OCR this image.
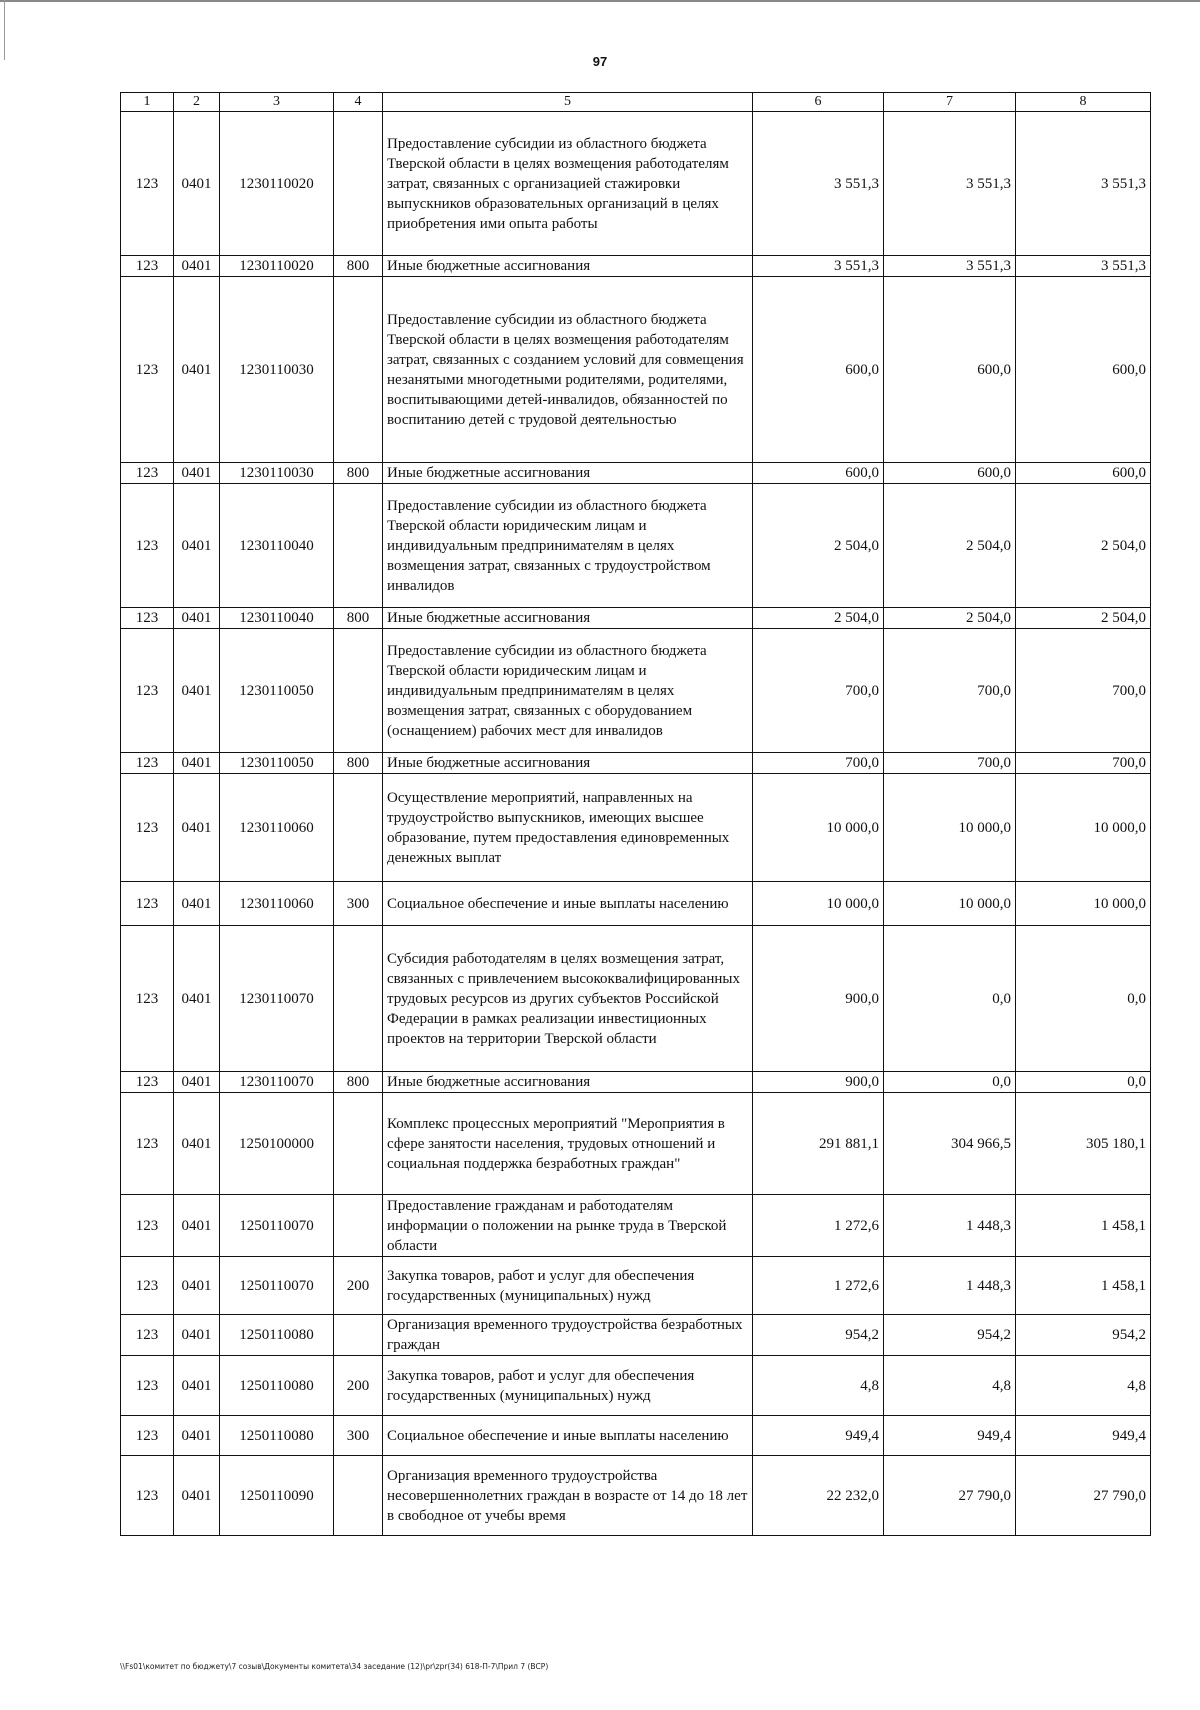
97
1	2	3	4	5	6	7	8
123	0401	1230110020		Предоставление субсидии из областного бюджета Тверской области в целях возмещения работодателям затрат, связанных с организацией стажировки выпускников образовательных организаций в целях приобретения ими опыта работы	3 551,3	3 551,3	3 551,3
123	0401	1230110020	800	Иные бюджетные ассигнования	3 551,3	3 551,3	3 551,3
123	0401	1230110030		Предоставление субсидии из областного бюджета Тверской области в целях возмещения работодателям затрат, связанных с созданием условий для совмещения незанятыми многодетными родителями, родителями, воспитывающими детей-инвалидов, обязанностей по воспитанию детей с трудовой деятельностью	600,0	600,0	600,0
123	0401	1230110030	800	Иные бюджетные ассигнования	600,0	600,0	600,0
123	0401	1230110040		Предоставление субсидии из областного бюджета Тверской области юридическим лицам и индивидуальным предпринимателям в целях возмещения затрат, связанных с трудоустройством инвалидов	2 504,0	2 504,0	2 504,0
123	0401	1230110040	800	Иные бюджетные ассигнования	2 504,0	2 504,0	2 504,0
123	0401	1230110050		Предоставление субсидии из областного бюджета Тверской области юридическим лицам и индивидуальным предпринимателям в целях возмещения затрат, связанных с оборудованием (оснащением) рабочих мест для инвалидов	700,0	700,0	700,0
123	0401	1230110050	800	Иные бюджетные ассигнования	700,0	700,0	700,0
123	0401	1230110060		Осуществление мероприятий, направленных на трудоустройство выпускников, имеющих высшее образование, путем предоставления единовременных денежных выплат	10 000,0	10 000,0	10 000,0
123	0401	1230110060	300	Социальное обеспечение и иные выплаты населению	10 000,0	10 000,0	10 000,0
123	0401	1230110070		Субсидия работодателям в целях возмещения затрат, связанных с привлечением высококвалифицированных трудовых ресурсов из других субъектов Российской Федерации в рамках реализации инвестиционных проектов на территории Тверской области	900,0	0,0	0,0
123	0401	1230110070	800	Иные бюджетные ассигнования	900,0	0,0	0,0
123	0401	1250100000		Комплекс процессных мероприятий "Мероприятия в сфере занятости населения, трудовых отношений и социальная поддержка безработных граждан"	291 881,1	304 966,5	305 180,1
123	0401	1250110070		Предоставление гражданам и работодателям информации о положении на рынке труда в Тверской области	1 272,6	1 448,3	1 458,1
123	0401	1250110070	200	Закупка товаров, работ и услуг для обеспечения государственных (муниципальных) нужд	1 272,6	1 448,3	1 458,1
123	0401	1250110080		Организация временного трудоустройства безработных граждан	954,2	954,2	954,2
123	0401	1250110080	200	Закупка товаров, работ и услуг для обеспечения государственных (муниципальных) нужд	4,8	4,8	4,8
123	0401	1250110080	300	Социальное обеспечение и иные выплаты населению	949,4	949,4	949,4
123	0401	1250110090		Организация временного трудоустройства несовершеннолетних граждан в возрасте от 14 до 18 лет в свободное от учебы время	22 232,0	27 790,0	27 790,0
\\Fs01\комитет по бюджету\7 созыв\Документы комитета\34 заседание (12)\pr\zpr(34) 618-П-7\Прил 7 (ВСР)
